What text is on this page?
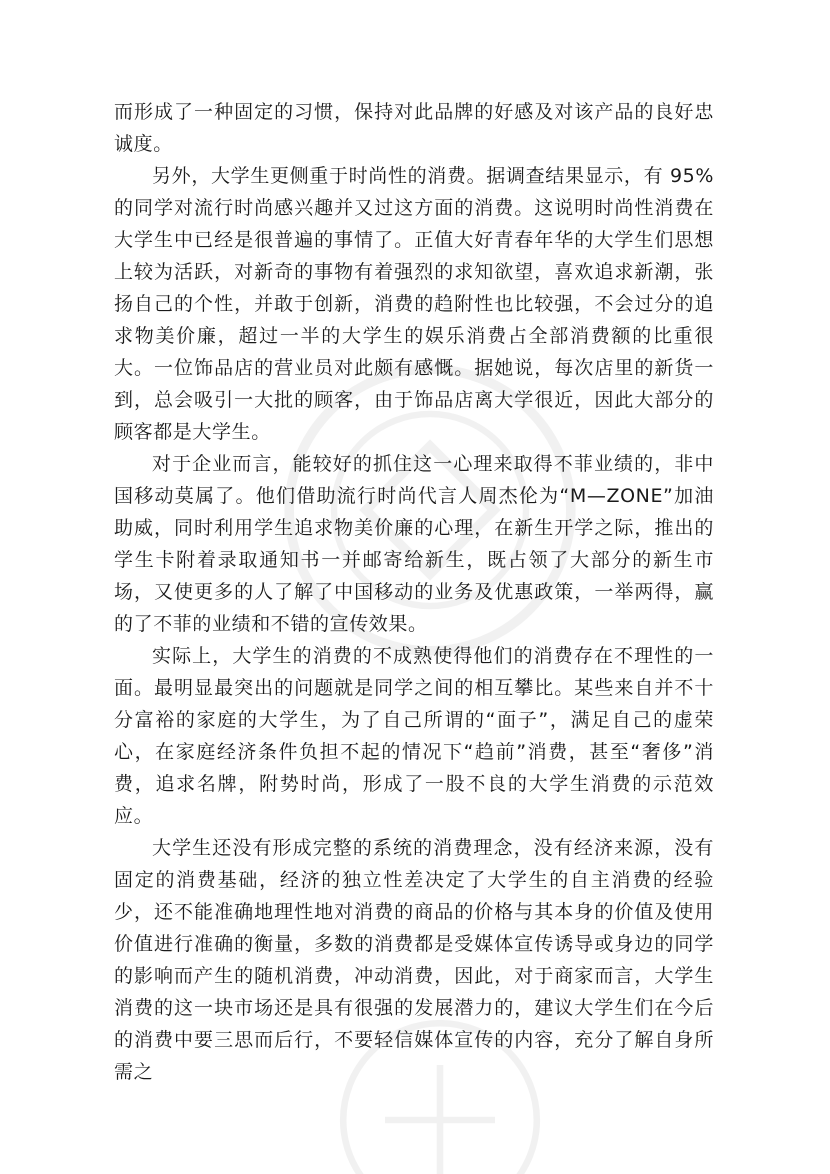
而形成了一种固定的习惯，保持对此品牌的好感及对该产品的良好忠诚度。

另外，大学生更侧重于时尚性的消费。据调查结果显示，有 95% 的同学对流行时尚感兴趣并又过这方面的消费。这说明时尚性消费在大学生中已经是很普遍的事情了。正值大好青春年华的大学生们思想上较为活跃，对新奇的事物有着强烈的求知欲望，喜欢追求新潮，张扬自己的个性，并敢于创新，消费的趋附性也比较强，不会过分的追求物美价廉，超过一半的大学生的娱乐消费占全部消费额的比重很大。一位饰品店的营业员对此颇有感慨。据她说，每次店里的新货一到，总会吸引一大批的顾客，由于饰品店离大学很近，因此大部分的顾客都是大学生。

对于企业而言，能较好的抓住这一心理来取得不菲业绩的，非中国移动莫属了。他们借助流行时尚代言人周杰伦为“M—ZONE”加油助威，同时利用学生追求物美价廉的心理，在新生开学之际，推出的学生卡附着录取通知书一并邮寄给新生，既占领了大部分的新生市场，又使更多的人了解了中国移动的业务及优惠政策，一举两得，赢的了不菲的业绩和不错的宣传效果。

实际上，大学生的消费的不成熟使得他们的消费存在不理性的一面。最明显最突出的问题就是同学之间的相互攀比。某些来自并不十分富裕的家庭的大学生，为了自己所谓的“面子”，满足自己的虚荣心，在家庭经济条件负担不起的情况下“趋前”消费，甚至“奢侈”消费，追求名牌，附势时尚，形成了一股不良的大学生消费的示范效应。

大学生还没有形成完整的系统的消费理念，没有经济来源，没有固定的消费基础，经济的独立性差决定了大学生的自主消费的经验少，还不能准确地理性地对消费的商品的价格与其本身的价值及使用价值进行准确的衡量，多数的消费都是受媒体宣传诱导或身边的同学的影响而产生的随机消费，冲动消费，因此，对于商家而言，大学生消费的这一块市场还是具有很强的发展潜力的，建议大学生们在今后的消费中要三思而后行，不要轻信媒体宣传的内容，充分了解自身所需之
